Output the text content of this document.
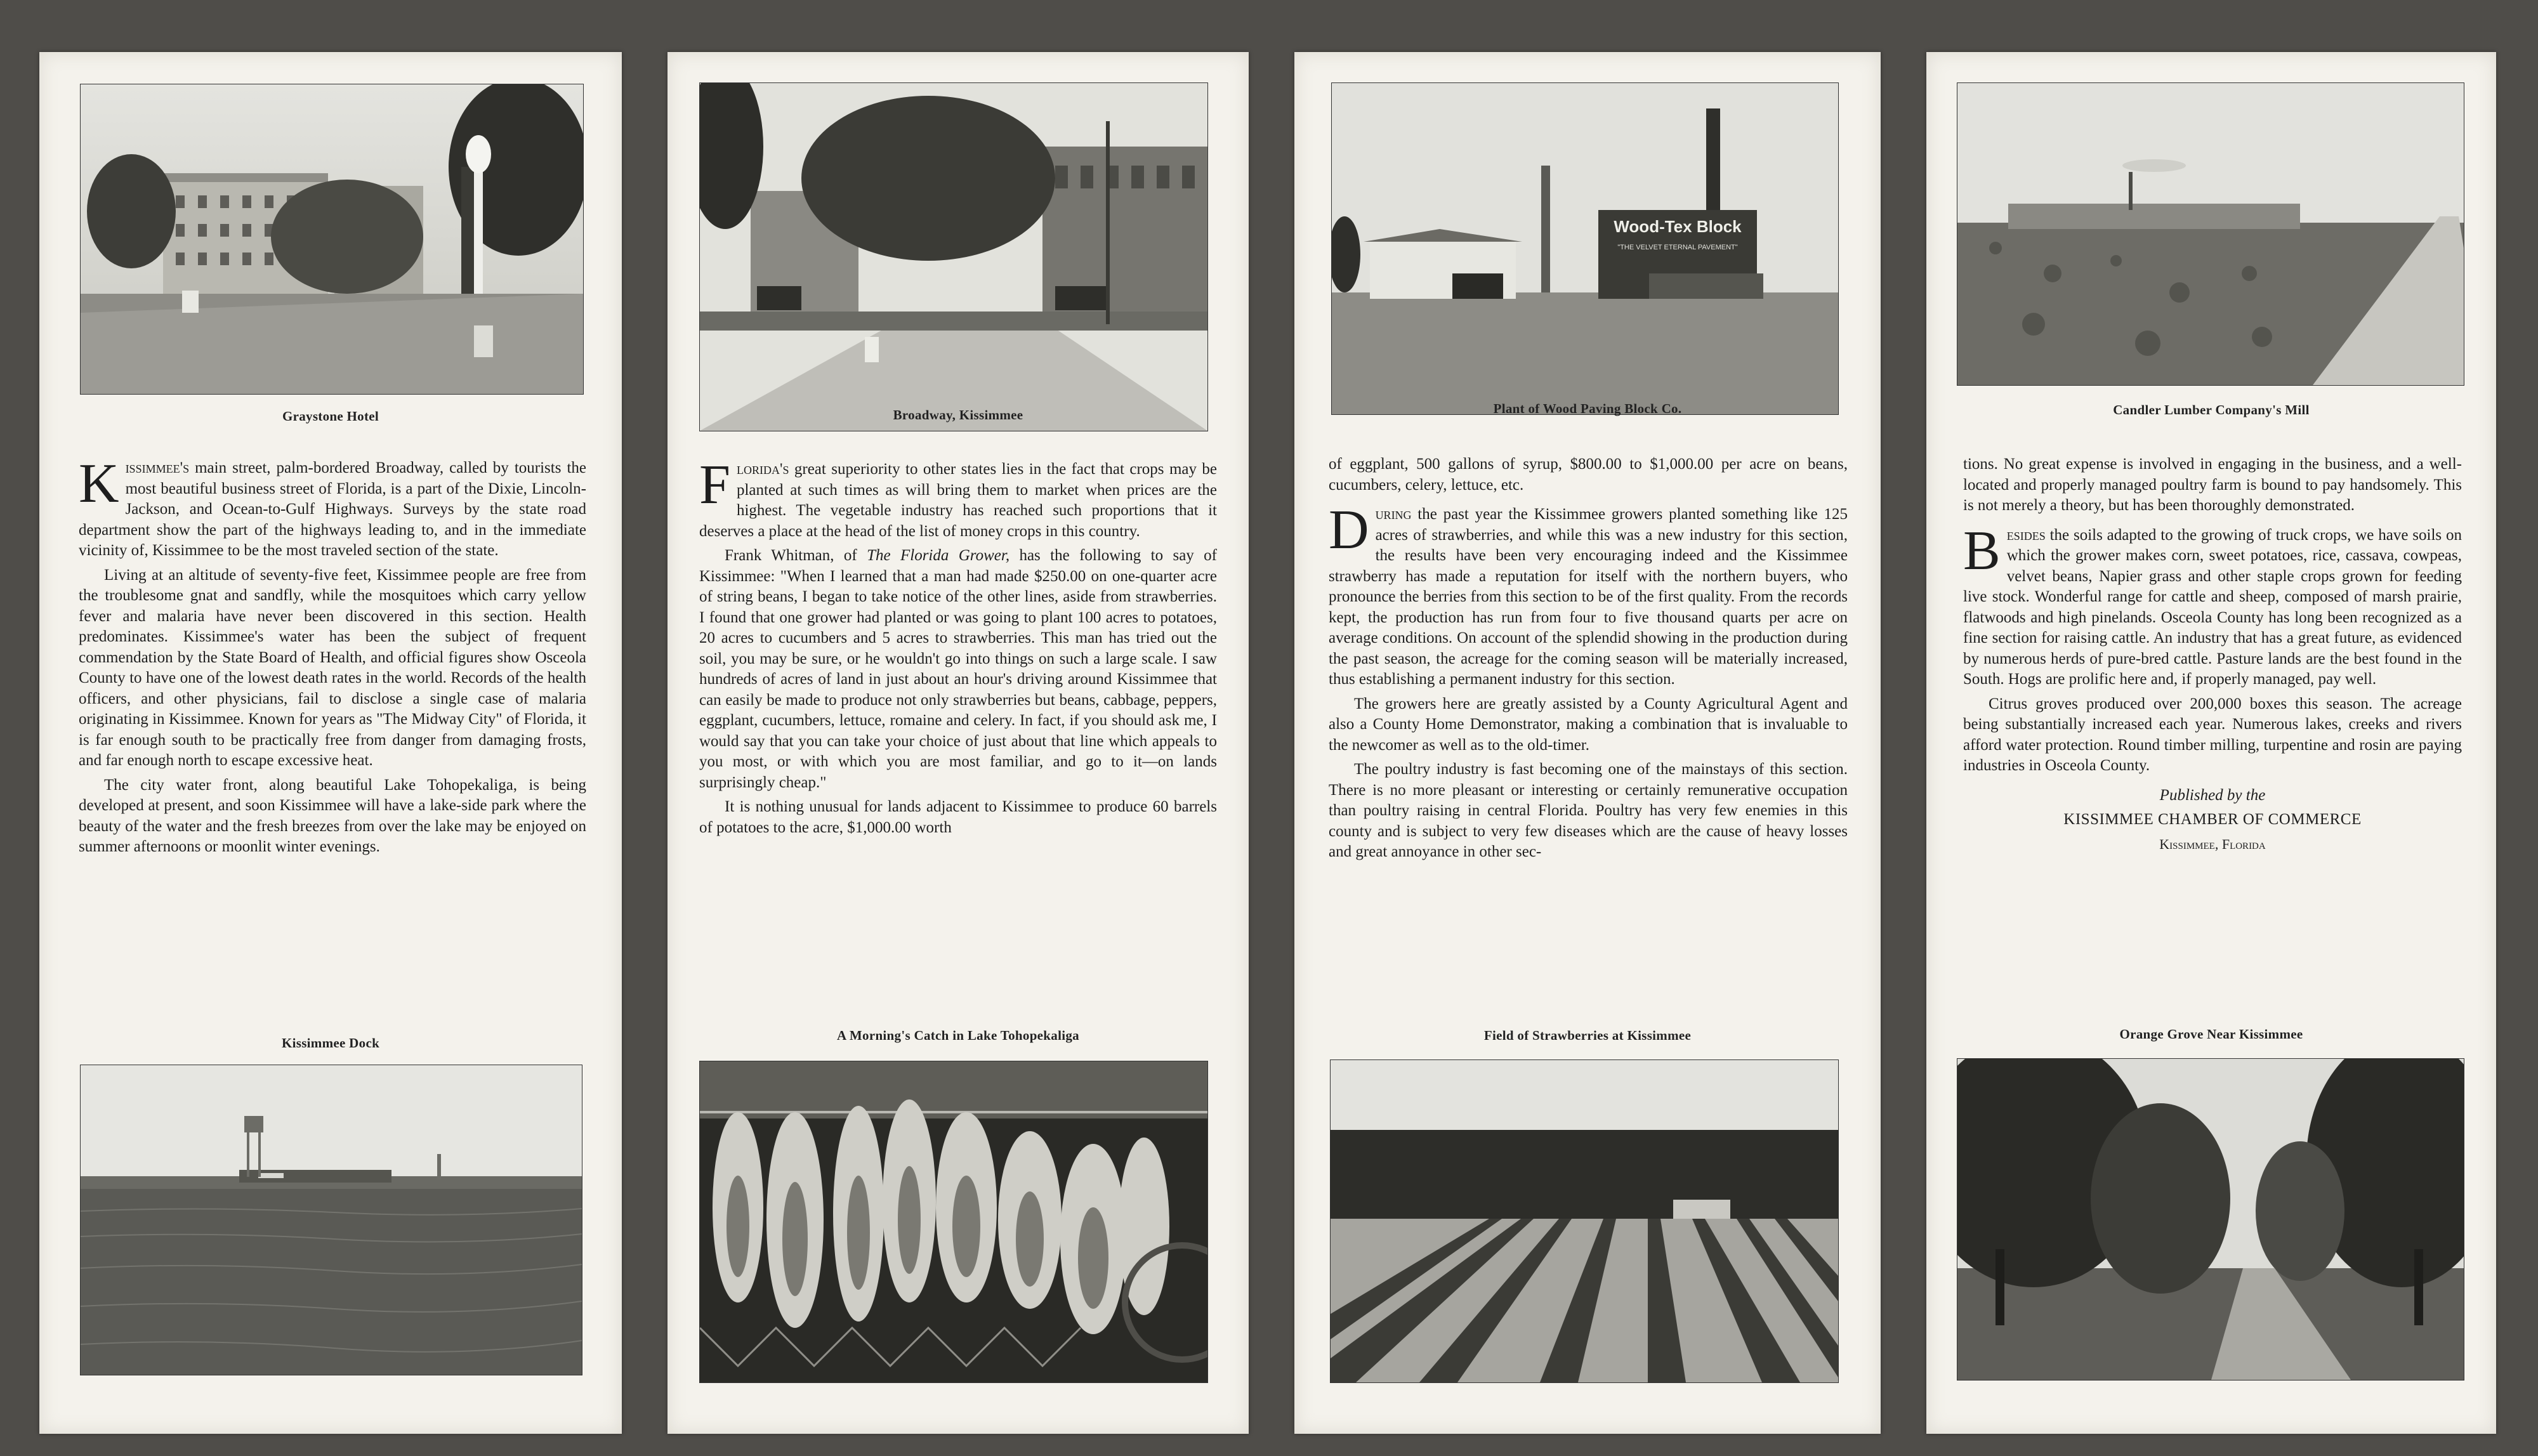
Graystone Hotel

Kissimmee's main street, palm-bordered Broadway, called by tourists the most beautiful business street of Florida, is a part of the Dixie, Lincoln-Jackson, and Ocean-to-Gulf Highways. Surveys by the state road department show the part of the highways leading to, and in the immediate vicinity of, Kissimmee to be the most traveled section of the state.

Living at an altitude of seventy-five feet, Kissimmee people are free from the troublesome gnat and sandfly, while the mosquitoes which carry yellow fever and malaria have never been discovered in this section. Health predominates. Kissimmee's water has been the subject of frequent commendation by the State Board of Health, and official figures show Osceola County to have one of the lowest death rates in the world. Records of the health officers, and other physicians, fail to disclose a single case of malaria originating in Kissimmee. Known for years as "The Midway City" of Florida, it is far enough south to be practically free from danger from damaging frosts, and far enough north to escape excessive heat.

The city water front, along beautiful Lake Tohopekaliga, is being developed at present, and soon Kissimmee will have a lake-side park where the beauty of the water and the fresh breezes from over the lake may be enjoyed on summer afternoons or moonlit winter evenings.

Kissimmee Dock
Broadway, Kissimmee

Florida's great superiority to other states lies in the fact that crops may be planted at such times as will bring them to market when prices are the highest. The vegetable industry has reached such proportions that it deserves a place at the head of the list of money crops in this country.

Frank Whitman, of The Florida Grower, has the following to say of Kissimmee: "When I learned that a man had made $250.00 on one-quarter acre of string beans, I began to take notice of the other lines, aside from strawberries. I found that one grower had planted or was going to plant 100 acres to potatoes, 20 acres to cucumbers and 5 acres to strawberries. This man has tried out the soil, you may be sure, or he wouldn't go into things on such a large scale. I saw hundreds of acres of land in just about an hour's driving around Kissimmee that can easily be made to produce not only strawberries but beans, cabbage, peppers, eggplant, cucumbers, lettuce, romaine and celery. In fact, if you should ask me, I would say that you can take your choice of just about that line which appeals to you most, or with which you are most familiar, and go to it—on lands surprisingly cheap."

It is nothing unusual for lands adjacent to Kissimmee to produce 60 barrels of potatoes to the acre, $1,000.00 worth

A Morning's Catch in Lake Tohopekaliga
Wood-Tex Block
"THE VELVET ETERNAL PAVEMENT"
Plant of Wood Paving Block Co.

of eggplant, 500 gallons of syrup, $800.00 to $1,000.00 per acre on beans, cucumbers, celery, lettuce, etc.

During the past year the Kissimmee growers planted something like 125 acres of strawberries, and while this was a new industry for this section, the results have been very encouraging indeed and the Kissimmee strawberry has made a reputation for itself with the northern buyers, who pronounce the berries from this section to be of the first quality. From the records kept, the production has run from four to five thousand quarts per acre on average conditions. On account of the splendid showing in the production during the past season, the acreage for the coming season will be materially increased, thus establishing a permanent industry for this section.

The growers here are greatly assisted by a County Agricultural Agent and also a County Home Demonstrator, making a combination that is invaluable to the newcomer as well as to the old-timer.

The poultry industry is fast becoming one of the mainstays of this section. There is no more pleasant or interesting or certainly remunerative occupation than poultry raising in central Florida. Poultry has very few enemies in this county and is subject to very few diseases which are the cause of heavy losses and great annoyance in other sec-

Field of Strawberries at Kissimmee
Candler Lumber Company's Mill

tions. No great expense is involved in engaging in the business, and a well-located and properly managed poultry farm is bound to pay handsomely. This is not merely a theory, but has been thoroughly demonstrated.

Besides the soils adapted to the growing of truck crops, we have soils on which the grower makes corn, sweet potatoes, rice, cassava, cowpeas, velvet beans, Napier grass and other staple crops grown for feeding live stock. Wonderful range for cattle and sheep, composed of marsh prairie, flatwoods and high pinelands. Osceola County has long been recognized as a fine section for raising cattle. An industry that has a great future, as evidenced by numerous herds of pure-bred cattle. Pasture lands are the best found in the South. Hogs are prolific here and, if properly managed, pay well.

Citrus groves produced over 200,000 boxes this season. The acreage being substantially increased each year. Numerous lakes, creeks and rivers afford water protection. Round timber milling, turpentine and rosin are paying industries in Osceola County.

Published by the

KISSIMMEE CHAMBER OF COMMERCE

Kissimmee, Florida

Orange Grove Near Kissimmee
